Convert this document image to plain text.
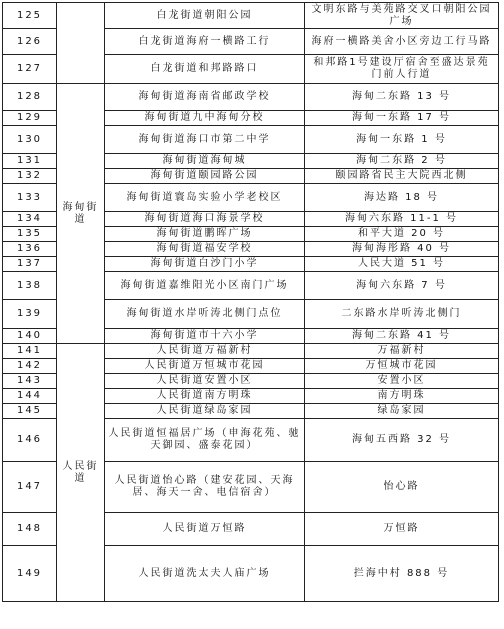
125		白龙街道朝阳公园	文明东路与美苑路交叉口朝阳公园广场
126		白龙街道海府一横路工行	海府一横路美舍小区旁边工行马路
127		白龙街道和邦路路口	和邦路1号建设厅宿舍至盛达景苑门前人行道
128	海甸街道	海甸街道海南省邮政学校	海甸二东路 13 号
129		海甸街道九中海甸分校	海甸一东路 17 号
130		海甸街道海口市第二中学	海甸一东路 1 号
131		海甸街道海甸城	海甸二东路 2 号
132		海甸街道颐园路公园	颐园路省民主大院西北侧
133		海甸街道寰岛实验小学老校区	海达路 18 号
134		海甸街道海口海景学校	海甸六东路 11-1 号
135		海甸街道鹏晖广场	和平大道 20 号
136		海甸街道福安学校	海甸海彤路 40 号
137		海甸街道白沙门小学	人民大道 51 号
138		海甸街道嘉维阳光小区南门广场	海甸六东路 7 号
139		海甸街道水岸听涛北侧门点位	二东路水岸听涛北侧门
140		海甸街道市十六小学	海甸二东路 41 号
141	人民街道	人民街道万福新村	万福新村
142		人民街道万恒城市花园	万恒城市花园
143		人民街道安置小区	安置小区
144		人民街道南方明珠	南方明珠
145		人民街道绿岛家园	绿岛家园
146		人民街道恒福居广场（申海花苑、驰天御园、盛泰花园）	海甸五西路 32 号
147		人民街道怡心路（建安花园、天海居、海天一舍、电信宿舍）	怡心路
148		人民街道万恒路	万恒路
149		人民街道洗太夫人庙广场	拦海中村 888 号
